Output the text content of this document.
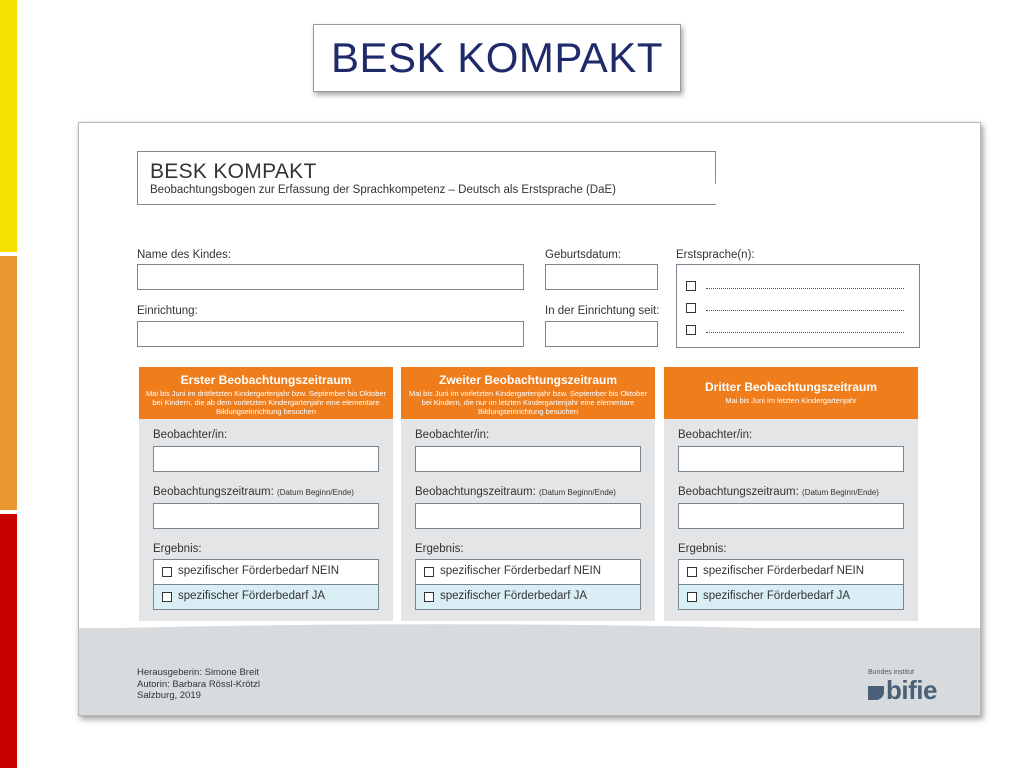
BESK KOMPAKT
BESK KOMPAKT
Beobachtungsbogen zur Erfassung der Sprachkompetenz – Deutsch als Erstsprache (DaE)
Name des Kindes:	Geburtsdatum:	Erstsprache(n):
Einrichtung:	In der Einrichtung seit:
Erster Beobachtungszeitraum
Mai bis Juni im drittletzten Kindergartenjahr bzw. September bis Oktober bei Kindern, die ab dem vorletzten Kindergartenjahr eine elementare Bildungseinrichtung besuchen
Beobachter/in:
Beobachtungszeitraum: (Datum Beginn/Ende)
Ergebnis:
spezifischer Förderbedarf NEIN
spezifischer Förderbedarf JA
Zweiter Beobachtungszeitraum
Mai bis Juni im vorletzten Kindergartenjahr bzw. September bis Oktober bei Kindern, die nur im letzten Kindergartenjahr eine elementare Bildungseinrichtung besuchen
Beobachter/in:
Beobachtungszeitraum: (Datum Beginn/Ende)
Ergebnis:
spezifischer Förderbedarf NEIN
spezifischer Förderbedarf JA
Dritter Beobachtungszeitraum
Mai bis Juni im letzten Kindergartenjahr
Beobachter/in:
Beobachtungszeitraum: (Datum Beginn/Ende)
Ergebnis:
spezifischer Förderbedarf NEIN
spezifischer Förderbedarf JA
Herausgeberin: Simone Breit
Autorin: Barbara Rössl-Krötzl
Salzburg, 2019
Bundes institut
bifie
